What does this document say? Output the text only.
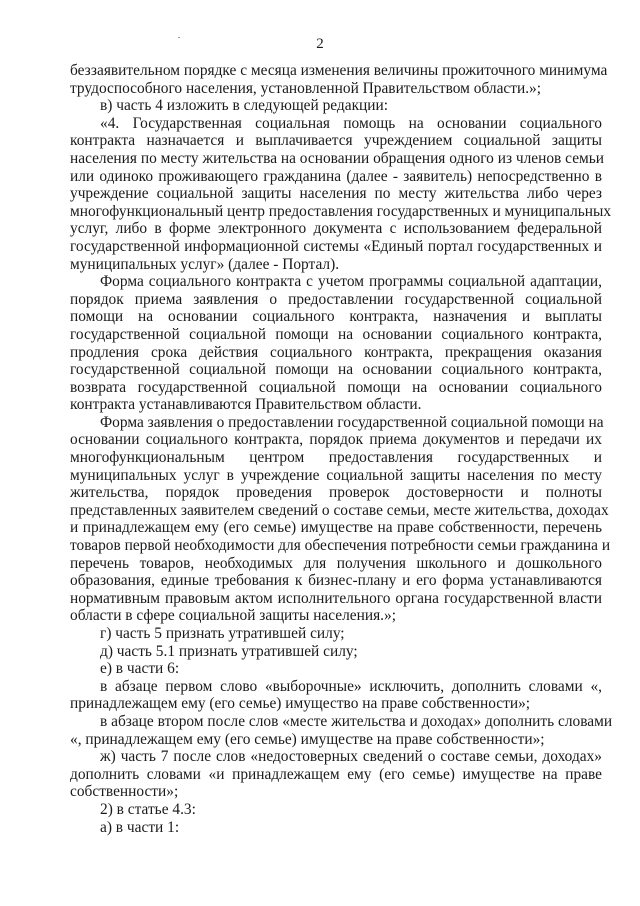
2
беззаявительном порядке с месяца изменения величины прожиточного минимума
трудоспособного населения, установленной Правительством области.»;
в) часть 4 изложить в следующей редакции:
«4. Государственная социальная помощь на основании социального
контракта назначается и выплачивается учреждением социальной защиты
населения по месту жительства на основании обращения одного из членов семьи
или одиноко проживающего гражданина (далее - заявитель) непосредственно в
учреждение социальной защиты населения по месту жительства либо через
многофункциональный центр предоставления государственных и муниципальных
услуг, либо в форме электронного документа с использованием федеральной
государственной информационной системы «Единый портал государственных и
муниципальных услуг» (далее - Портал).
Форма социального контракта с учетом программы социальной адаптации,
порядок приема заявления о предоставлении государственной социальной
помощи на основании социального контракта, назначения и выплаты
государственной социальной помощи на основании социального контракта,
продления срока действия социального контракта, прекращения оказания
государственной социальной помощи на основании социального контракта,
возврата государственной социальной помощи на основании социального
контракта устанавливаются Правительством области.
Форма заявления о предоставлении государственной социальной помощи на
основании социального контракта, порядок приема документов и передачи их
многофункциональным центром предоставления государственных и
муниципальных услуг в учреждение социальной защиты населения по месту
жительства, порядок проведения проверок достоверности и полноты
представленных заявителем сведений о составе семьи, месте жительства, доходах
и принадлежащем ему (его семье) имуществе на праве собственности, перечень
товаров первой необходимости для обеспечения потребности семьи гражданина и
перечень товаров, необходимых для получения школьного и дошкольного
образования, единые требования к бизнес-плану и его форма устанавливаются
нормативным правовым актом исполнительного органа государственной власти
области в сфере социальной защиты населения.»;
г) часть 5 признать утратившей силу;
д) часть 5.1 признать утратившей силу;
е) в части 6:
в абзаце первом слово «выборочные» исключить, дополнить словами «,
принадлежащем ему (его семье) имущество на праве собственности»;
в абзаце втором после слов «месте жительства и доходах» дополнить словами
«, принадлежащем ему (его семье) имуществе на праве собственности»;
ж) часть 7 после слов «недостоверных сведений о составе семьи, доходах»
дополнить словами «и принадлежащем ему (его семье) имуществе на праве
собственности»;
2) в статье 4.3:
а) в части 1:
